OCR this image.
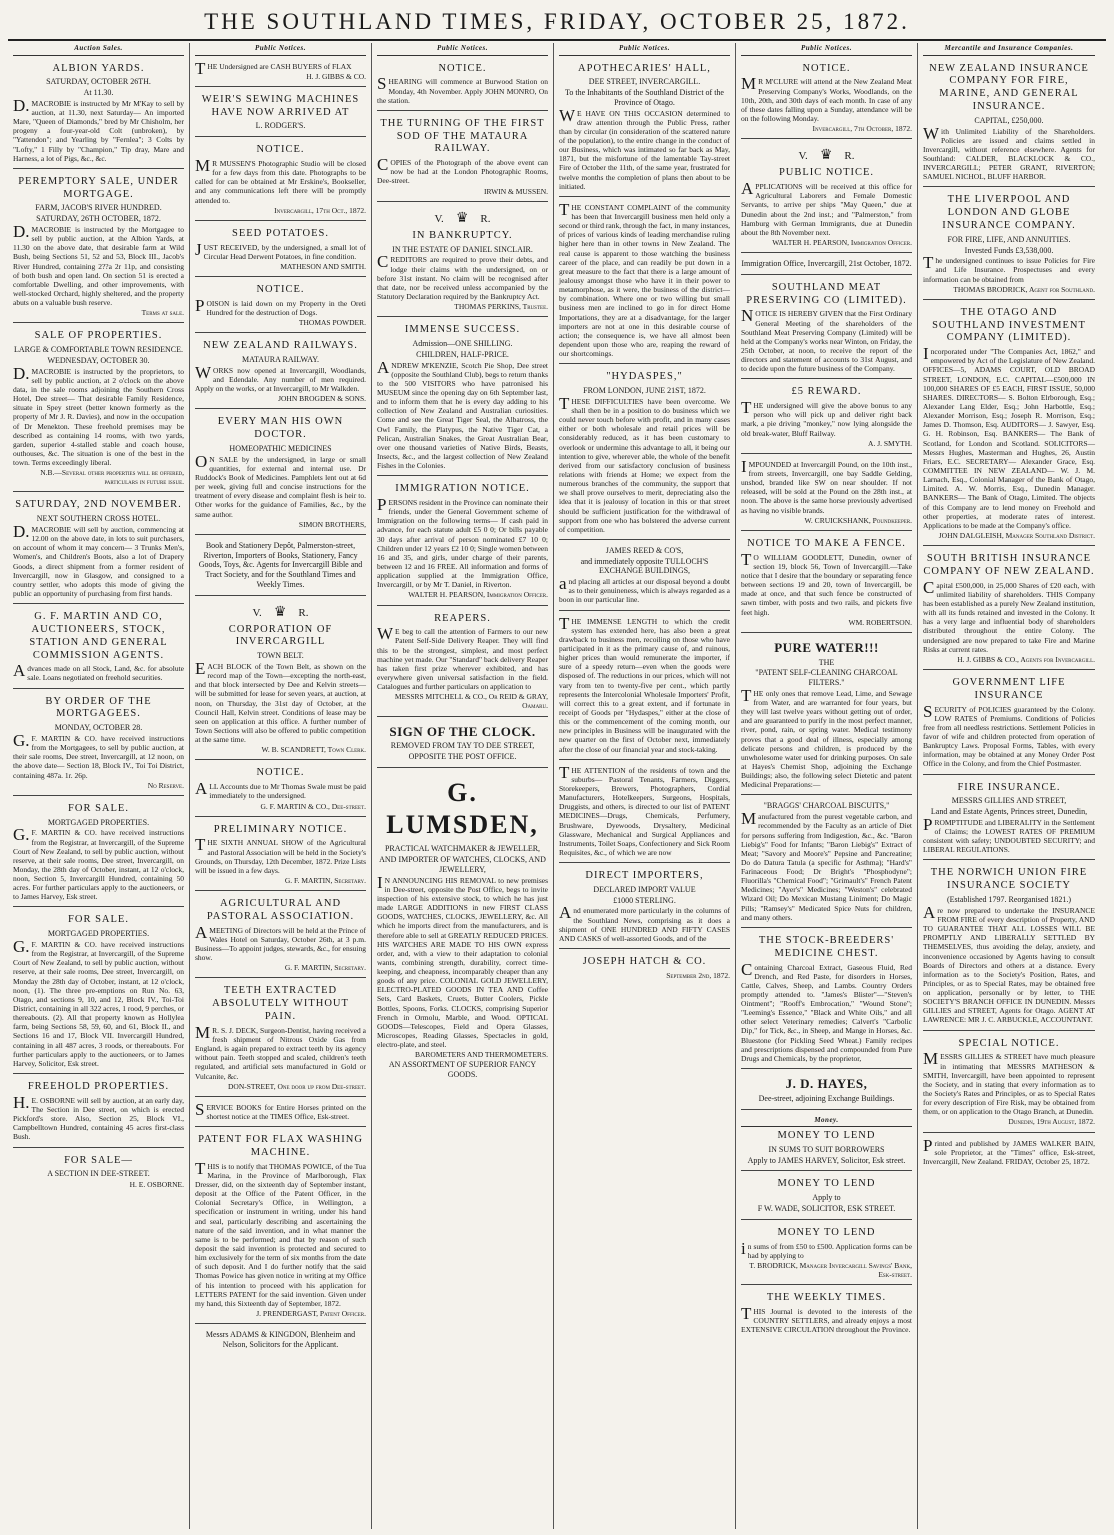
THE SOUTHLAND TIMES, FRIDAY, OCTOBER 25, 1872.
Auction Sales.
ALBION YARDS.
SATURDAY, OCTOBER 26TH.
At 11.30.
D.MACROBIE is instructed by Mr M'Kay to sell by auction, at 11.30, next Saturday— An imported Mare, "Queen of Diamonds," bred by Mr Chisholm, her progeny a four-year-old Colt (unbroken), by "Yattendon"; and Yearling by "Fernlea"; 3 Colts by "Lofty," 1 Filly by "Champion," Tip dray, Mare and Harness, a lot of Pigs, &c., &c.
PEREMPTORY SALE, UNDER MORTGAGE.
FARM, JACOB'S RIVER HUNDRED.
SATURDAY, 26TH OCTOBER, 1872.
D.MACROBIE is instructed by the Mortgagee to sell by public auction, at the Albion Yards, at 11.30 on the above date, that desirable farm at Wild Bush, being Sections 51, 52 and 53, Block III., Jacob's River Hundred, containing 2??a 2r 11p, and consisting of both bush and open land. On section 51 is erected a comfortable Dwelling, and other improvements, with well-stocked Orchard, highly sheltered, and the property abuts on a valuable bush reserve.
Terms at sale.
SALE OF PROPERTIES.
LARGE & COMFORTABLE TOWN RESIDENCE.
WEDNESDAY, OCTOBER 30.
D.MACROBIE is instructed by the proprietors, to sell by public auction, at 2 o'clock on the above data, in the sale rooms adjoining the Southern Cross Hotel, Dee street— That desirable Family Residence, situate in Spey street (better known formerly as the property of Mr J. R. Davies), and now in the occupation of Dr Menekton. These freehold premises may be described as containing 14 rooms, with two yards, garden, superior 4-stalled stable and coach house, outhouses, &c. The situation is one of the best in the town. Terms exceedingly liberal.
N.B.—Several other properties will be offered, particulars in future issue.
SATURDAY, 2ND NOVEMBER.
NEXT SOUTHERN CROSS HOTEL.
D.MACROBIE will sell by auction, commencing at 12.00 on the above date, in lots to suit purchasers, on account of whom it may concern— 3 Trunks Men's, Women's, and Children's Boots, also a lot of Drapery Goods, a direct shipment from a former resident of Invercargill, now in Glasgow, and consigned to a country settler, who adopts this mode of giving the public an opportunity of purchasing from first hands.
G. F. MARTIN AND CO, AUCTIONEERS, STOCK, STATION AND GENERAL COMMISSION AGENTS.
Advances made on all Stock, Land, &c. for absolute sale. Loans negotiated on freehold securities.
BY ORDER OF THE MORTGAGEES.
MONDAY, OCTOBER 28.
G.F. MARTIN & CO. have received instructions from the Mortgagees, to sell by public auction, at their sale rooms, Dee street, Invercargill, at 12 noon, on the above date— Section 18, Block IV., Toi Toi District, containing 487a. 1r. 26p.
No Reserve.
FOR SALE.
MORTGAGED PROPERTIES.
G.F. MARTIN & CO. have received instructions from the Registrar, at Invercargill, of the Supreme Court of New Zealand, to sell by public auction, without reserve, at their sale rooms, Dee street, Invercargill, on Monday, the 28th day of October, instant, at 12 o'clock, noon, Section 5, Invercargill Hundred, containing 50 acres. For further particulars apply to the auctioneers, or to James Harvey, Esk street.
FOR SALE.
MORTGAGED PROPERTIES.
G.F. MARTIN & CO. have received instructions from the Registrar, at Invercargill, of the Supreme Court of New Zealand, to sell by public auction, without reserve, at their sale rooms, Dee street, Invercargill, on Monday the 28th day of October, instant, at 12 o'clock, noon, (1). The three pre-emptions on Run No. 63, Otago, and sections 9, 10, and 12, Block IV., Toi-Toi District, containing in all 322 acres, 1 rood, 9 perches, or thereabouts. (2). All that property known as Hollylea farm, being Sections 58, 59, 60, and 61, Block II., and Sections 16 and 17, Block VII. Invercargill Hundred, containing in all 487 acres, 3 roods, or thereabouts. For further particulars apply to the auctioneers, or to James Harvey, Solicitor, Esk street.
FREEHOLD PROPERTIES.
H.E. OSBORNE will sell by auction, at an early day, The Section in Dee street, on which is erected Pickford's store. Also, Section 25, Block VI., Campbelltown Hundred, containing 45 acres first-class Bush.
FOR SALE—
A SECTION IN DEE-STREET.
H. E. OSBORNE.
Public Notices.
THE Undersigned are CASH BUYERS of FLAX
H. J. GIBBS & CO.
WEIR'S SEWING MACHINES HAVE NOW ARRIVED AT
L. RODGER'S.
NOTICE.
MR MUSSEN'S Photographic Studio will be closed for a few days from this date. Photographs to be called for can be obtained at Mr Erskine's, Bookseller, and any communications left there will be promptly attended to.
Invercargill, 17th Oct., 1872.
SEED POTATOES.
JUST RECEIVED, by the undersigned, a small lot of Circular Head Derwent Potatoes, in fine condition.
MATHESON AND SMITH.
NOTICE.
POISON is laid down on my Property in the Oreti Hundred for the destruction of Dogs.
THOMAS POWDER.
NEW ZEALAND RAILWAYS.
MATAURA RAILWAY.
WORKS now opened at Invercargill, Woodlands, and Edendale. Any number of men required. Apply on the works, or at Invercargill, to Mr Walkden.
JOHN BROGDEN & SONS.
EVERY MAN HIS OWN DOCTOR.
HOMEOPATHIC MEDICINES
ON SALE by the undersigned, in large or small quantities, for external and internal use. Dr Ruddock's Book of Medicines. Pamphlets lent out at 6d per week, giving full and concise instructions for the treatment of every disease and complaint flesh is heir to. Other works for the guidance of Families, &c., by the same author.
SIMON BROTHERS,
Book and Stationery Depôt, Palmerston-street, Riverton, Importers of Books, Stationery, Fancy Goods, Toys, &c. Agents for Invercargill Bible and Tract Society, and for the Southland Times and Weekly Times.
V. ♛ R.
CORPORATION OF INVERCARGILL
TOWN BELT.
EACH BLOCK of the Town Belt, as shown on the record map of the Town—excepting the north-east, and that block intersected by Dee and Kelvin streets—will be submitted for lease for seven years, at auction, at noon, on Thursday, the 31st day of October, at the Council Hall, Kelvin street. Conditions of lease may be seen on application at this office. A further number of Town Sections will also be offered to public competition at the same time.
W. B. SCANDRETT, Town Clerk.
NOTICE.
ALL Accounts due to Mr Thomas Swale must be paid immediately to the undersigned.
G. F. MARTIN & CO., Dee-street.
PRELIMINARY NOTICE.
THE SIXTH ANNUAL SHOW of the Agricultural and Pastoral Association will be held in the Society's Grounds, on Thursday, 12th December, 1872. Prize Lists will be issued in a few days.
G. F. MARTIN, Secretary.
AGRICULTURAL AND PASTORAL ASSOCIATION.
AMEETING of Directors will be held at the Prince of Wales Hotel on Saturday, October 26th, at 3 p.m. Business—To appoint judges, stewards, &c., for ensuing show.
G. F. MARTIN, Secretary.
TEETH EXTRACTED ABSOLUTELY WITHOUT PAIN.
MR. S. J. DECK, Surgeon-Dentist, having received a fresh shipment of Nitrous Oxide Gas from England, is again prepared to extract teeth by its agency without pain. Teeth stopped and scaled, children's teeth regulated, and artificial sets manufactured in Gold or Vulcanite, &c.
DON-STREET, One door up from Dee-street.
SERVICE BOOKS for Entire Horses printed on the shortest notice at the TIMES Office, Esk-street.
PATENT FOR FLAX WASHING MACHINE.
THIS is to notify that THOMAS POWICE, of the Tua Marina, in the Province of Marlborough, Flax Dresser, did, on the sixteenth day of September instant, deposit at the Office of the Patent Officer, in the Colonial Secretary's Office, in Wellington, a specification or instrument in writing, under his hand and seal, particularly describing and ascertaining the nature of the said invention, and in what manner the same is to be performed; and that by reason of such deposit the said invention is protected and secured to him exclusively for the term of six months from the date of such deposit. And I do further notify that the said Thomas Powice has given notice in writing at my Office of his intention to proceed with his application for LETTERS PATENT for the said invention. Given under my hand, this Sixteenth day of September, 1872.
J. PRENDERGAST, Patent Officer.
Messrs ADAMS & KINGDON, Blenheim and Nelson, Solicitors for the Applicant.
Public Notices.
NOTICE.
SHEARING will commence at Burwood Station on Monday, 4th November. Apply JOHN MONRO, On the station.
THE TURNING OF THE FIRST SOD OF THE MATAURA RAILWAY.
COPIES of the Photograph of the above event can now be had at the London Photographic Rooms, Dee-street.
IRWIN & MUSSEN.
V. ♛ R.
IN BANKRUPTCY.
IN THE ESTATE OF DANIEL SINCLAIR.
CREDITORS are required to prove their debts, and lodge their claims with the undersigned, on or before 31st instant. No claim will be recognised after that date, nor be received unless accompanied by the Statutory Declaration required by the Bankruptcy Act.
THOMAS PERKINS, Trustee.
IMMENSE SUCCESS.
Admission—ONE SHILLING.
CHILDREN, HALF-PRICE.
ANDREW M'KENZIE, Scotch Pie Shop, Dee street (opposite the Southland Club), begs to return thanks to the 500 VISITORS who have patronised his MUSEUM since the opening day on 6th September last, and to inform them that he is every day adding to his collection of New Zealand and Australian curiosities. Come and see the Great Tiger Seal, the Albatross, the Owl Family, the Platypus, the Native Tiger Cat, a Pelican, Australian Snakes, the Great Australian Bear, over one thousand varieties of Native Birds, Beasts, Insects, &c., and the largest collection of New Zealand Fishes in the Colonies.
IMMIGRATION NOTICE.
PERSONS resident in the Province can nominate their friends, under the General Government scheme of Immigration on the following terms— If cash paid in advance, for each statute adult £5 0 0; Or bills payable 30 days after arrival of person nominated £7 10 0; Children under 12 years £2 10 0; Single women between 16 and 35, and girls, under charge of their parents, between 12 and 16 FREE. All information and forms of application supplied at the Immigration Office, Invercargill, or by Mr T. Daniel, in Riverton.
WALTER H. PEARSON, Immigration Officer.
REAPERS.
WE beg to call the attention of Farmers to our new Patent Self-Side Delivery Reaper. They will find this to be the strongest, simplest, and most perfect machine yet made. Our "Standard" back delivery Reaper has taken first prize wherever exhibited, and has everywhere given universal satisfaction in the field. Catalogues and further particulars on application to
MESSRS MITCHELL & CO., Or REID & GRAY, Oamaru.
SIGN OF THE CLOCK.
REMOVED FROM TAY TO DEE STREET,
OPPOSITE THE POST OFFICE.
G. LUMSDEN,
PRACTICAL WATCHMAKER & JEWELLER,
AND IMPORTER OF WATCHES, CLOCKS, AND JEWELLERY,
IN ANNOUNCING HIS REMOVAL to new premises in Dee-street, opposite the Post Office, begs to invite inspection of his extensive stock, to which he has just made LARGE ADDITIONS in new FIRST CLASS GOODS, WATCHES, CLOCKS, JEWELLERY, &c. All which he imports direct from the manufacturers, and is therefore able to sell at GREATLY REDUCED PRICES. HIS WATCHES ARE MADE TO HIS OWN express order, and, with a view to their adaptation to colonial wants, combining strength, durability, correct time-keeping, and cheapness, incomparably cheaper than any goods of any price. COLONIAL GOLD JEWELLERY, ELECTRO-PLATED GOODS IN TEA AND Coffee Sets, Card Baskets, Cruets, Butter Coolers, Pickle Bottles, Spoons, Forks. CLOCKS, comprising Superior French in Ormolu, Marble, and Wood. OPTICAL GOODS—Telescopes, Field and Opera Glasses, Microscopes, Reading Glasses, Spectacles in gold, electro-plate, and steel.
BAROMETERS AND THERMOMETERS.
AN ASSORTMENT OF SUPERIOR FANCY GOODS.
Public Notices.
APOTHECARIES' HALL,
DEE STREET, INVERCARGILL.
To the Inhabitants of the Southland District of the Province of Otago.
WE HAVE ON THIS OCCASION determined to draw attention through the Public Press, rather than by circular (in consideration of the scattered nature of the population), to the entire change in the conduct of our Business, which was intimated so far back as May, 1871, but the misfortune of the lamentable Tay-street Fire of October the 11th, of the same year, frustrated for twelve months the completion of plans then about to be initiated.
THE CONSTANT COMPLAINT of the community has been that Invercargill business men held only a second or third rank, through the fact, in many instances, of prices of various kinds of leading merchandise ruling higher here than in other towns in New Zealand. The real cause is apparent to those watching the business career of the place, and can readily be put down in a great measure to the fact that there is a large amount of jealousy amongst those who have it in their power to metamorphose, as it were, the business of the district—by combination. Where one or two willing but small business men are inclined to go in for direct Home Importations, they are at a disadvantage, for the larger importers are not at one in this desirable course of action; the consequence is, we have all almost been dependent upon those who are, reaping the reward of our shortcomings.
"HYDASPES,"
FROM LONDON, JUNE 21ST, 1872.
THESE DIFFICULTIES have been overcome. We shall then be in a position to do business which we could never touch before with profit, and in many cases either or both wholesale and retail prices will be considerably reduced, as it has been customary to overlook or undermine this advantage to all, it being our intention to give, wherever able, the whole of the benefit derived from our satisfactory conclusion of business relations with friends at Home; we expect from the numerous branches of the community, the support that we shall prove ourselves to merit, depreciating also the idea that it is jealousy of location in this or that street should be sufficient justification for the withdrawal of support from one who has bolstered the adverse current of competition.
JAMES REED & CO'S,
and immediately opposite TULLOCH'S EXCHANGE BUILDINGS,
and placing all articles at our disposal beyond a doubt as to their genuineness, which is always regarded as a boon in our particular line.
THE IMMENSE LENGTH to which the credit system has extended here, has also been a great drawback to business men, recoiling on those who have participated in it as the primary cause of, and ruinous, higher prices than would remunerate the importer, if sure of a speedy return—even when the goods were disposed of. The reductions in our prices, which will not vary from ten to twenty-five per cent., which partly represents the Intercolonial Wholesale Importers' Profit, will correct this to a great extent, and if fortunate in receipt of Goods per "Hydaspes," either at the close of this or the commencement of the coming month, our new principles in Business will be inaugurated with the new quarter on the first of October next, immediately after the close of our financial year and stock-taking.
THE ATTENTION of the residents of town and the suburbs— Pastoral Tenants, Farmers, Diggers, Storekeepers, Brewers, Photographers, Cordial Manufacturers, Hotelkeepers, Surgeons, Hospitals, Druggists, and others, is directed to our list of PATENT MEDICINES—Drugs, Chemicals, Perfumery, Brushware, Dyewoods, Drysaltery, Medicinal Glassware, Mechanical and Surgical Appliances and Instruments, Toilet Soaps, Confectionery and Sick Room Requisites, &c., of which we are now
DIRECT IMPORTERS,
DECLARED IMPORT VALUE
£1000 STERLING.
And enumerated more particularly in the columns of the Southland News, comprising as it does a shipment of ONE HUNDRED AND FIFTY CASES AND CASKS of well-assorted Goods, and of the
JOSEPH HATCH & CO.
September 2nd, 1872.
Public Notices.
NOTICE.
MR M'CLURE will attend at the New Zealand Meat Preserving Company's Works, Woodlands, on the 10th, 20th, and 30th days of each month. In case of any of these dates falling upon a Sunday, attendance will be on the following Monday.
Invercargill, 7th October, 1872.
V. ♛ R.
PUBLIC NOTICE.
APPLICATIONS will be received at this office for Agricultural Laborers and Female Domestic Servants, to arrive per ships "May Queen," due at Dunedin about the 2nd inst.; and "Palmerston," from Hamburg with German Immigrants, due at Dunedin about the 8th November next.
WALTER H. PEARSON, Immigration Officer.
Immigration Office, Invercargill, 21st October, 1872.
SOUTHLAND MEAT PRESERVING CO (LIMITED).
NOTICE IS HEREBY GIVEN that the First Ordinary General Meeting of the shareholders of the Southland Meat Preserving Company (Limited) will be held at the Company's works near Winton, on Friday, the 25th October, at noon, to receive the report of the directors and statement of accounts to 31st August, and to decide upon the future business of the Company.
£5 REWARD.
THE undersigned will give the above bonus to any person who will pick up and deliver right back mark, a pie driving "monkey," now lying alongside the old break-water, Bluff Railway.
A. J. SMYTH.
IMPOUNDED at Invercargill Pound, on the 10th inst., from streets, Invercargill, one bay Saddle Gelding, unshod, branded like SW on near shoulder. If not released, will be sold at the Pound on the 28th inst., at noon. The above is the same horse previously advertised as having no visible brands.
W. CRUICKSHANK, Poundkeeper.
NOTICE TO MAKE A FENCE.
TO WILLIAM GOODLETT, Dunedin, owner of section 19, block 56, Town of Invercargill.—Take notice that I desire that the boundary or separating fence between sections 19 and 20, town of Invercargill, be made at once, and that such fence be constructed of sawn timber, with posts and two rails, and pickets five feet high.
WM. ROBERTSON.
PURE WATER!!!
THE
"PATENT SELF-CLEANING CHARCOAL FILTERS."
THE only ones that remove Lead, Lime, and Sewage from Water, and are warranted for four years, but they will last twelve years without getting out of order, and are guaranteed to purify in the most perfect manner, river, pond, rain, or spring water. Medical testimony proves that a good deal of illness, especially among delicate persons and children, is produced by the unwholesome water used for drinking purposes. On sale at Hayes's Chemist Shop, adjoining the Exchange Buildings; also, the following select Dietetic and patent Medicinal Preparations:—
"BRAGGS' CHARCOAL BISCUITS,"
Manufactured from the purest vegetable carbon, and recommended by the Faculty as an article of Diet for persons suffering from Indigestion, &c., &c. "Baron Liebig's" Food for Infants; "Baron Liebig's" Extract of Meat; "Savory and Moore's" Pepsine and Pancreatine; Do do Datura Tatula (a specific for Asthma); "Hard's" Farinaceous Food; Dr Bright's "Phosphodyne"; Fluorilla's "Chemical Food"; "Grimault's" French Patent Medicines; "Ayer's" Medicines; "Weston's" celebrated Wizard Oil; Do Mexican Mustang Liniment; Do Magic Pills; "Ramsey's" Medicated Spice Nuts for children, and many others.
THE STOCK-BREEDERS' MEDICINE CHEST.
Containing Charcoal Extract, Gaseous Fluid, Red Drench, and Red Paste, for disorders in Horses, Cattle, Calves, Sheep, and Lambs. Country Orders promptly attended to. "James's Blister"—"Steven's Ointment"; "Rooff's Embrocation," "Wound Stone"; "Leeming's Essence," "Black and White Oils," and all other select Veterinary remedies; Calvert's "Carbolic Dip," for Tick, &c., in Sheep, and Mange in Horses, &c. Bluestone (for Pickling Seed Wheat.) Family recipes and prescriptions dispensed and compounded from Pure Drugs and Chemicals, by the proprietor,
J. D. HAYES,
Dee-street, adjoining Exchange Buildings.
Money.
MONEY TO LEND
IN SUMS TO SUIT BORROWERS
Apply to JAMES HARVEY, Solicitor, Esk street.
MONEY TO LEND
Apply to
F W. WADE, SOLICITOR, ESK STREET.
MONEY TO LEND
in sums of from £50 to £500. Application forms can be had by applying to
T. BRODRICK, Manager Invercargill Savings' Bank, Esk-street.
THE WEEKLY TIMES.
THIS Journal is devoted to the interests of the COUNTRY SETTLERS, and already enjoys a most EXTENSIVE CIRCULATION throughout the Province.
Mercantile and Insurance Companies.
NEW ZEALAND INSURANCE COMPANY FOR FIRE, MARINE, AND GENERAL INSURANCE.
CAPITAL, £250,000.
With Unlimited Liability of the Shareholders. Policies are issued and claims settled in Invercargill, without reference elsewhere. Agents for Southland: CALDER, BLACKLOCK & CO., INVERCARGILL; PETER GRANT, RIVERTON; SAMUEL NICHOL, BLUFF HARBOR.
THE LIVERPOOL AND LONDON AND GLOBE INSURANCE COMPANY.
FOR FIRE, LIFE, AND ANNUITIES.
Invested Funds £3,538,000.
The undersigned continues to issue Policies for Fire and Life Insurance. Prospectuses and every information can be obtained from
THOMAS BRODRICK, Agent for Southland.
THE OTAGO AND SOUTHLAND INVESTMENT COMPANY (LIMITED).
Incorporated under "The Companies Act, 1862," and empowered by Act of the Legislature of New Zealand. OFFICES—5, ADAMS COURT, OLD BROAD STREET, LONDON, E.C. CAPITAL—£500,000 IN 100,000 SHARES OF £5 EACH, FIRST ISSUE, 50,000 SHARES. DIRECTORS— S. Bolton Elrborough, Esq.; Alexander Lang Elder, Esq.; John Harbottle, Esq.; Alexander Morrison, Esq.; Joseph R. Morrison, Esq.; James D. Thomson, Esq. AUDITORS— J. Sawyer, Esq. G. H. Robinson, Esq. BANKERS— The Bank of Scotland, for London and Scotland. SOLICITORS— Messrs Hughes, Masterman and Hughes, 26, Austin Friars, E.C. SECRETARY— Alexander Grace, Esq. COMMITTEE IN NEW ZEALAND— W. J. M. Larnach, Esq., Colonial Manager of the Bank of Otago, Limited. A. W. Morris, Esq., Dunedin Manager. BANKERS— The Bank of Otago, Limited. The objects of this Company are to lend money on Freehold and other properties, at moderate rates of interest. Applications to be made at the Company's office.
JOHN DALGLEISH, Manager Southland District.
SOUTH BRITISH INSURANCE COMPANY OF NEW ZEALAND.
Capital £500,000, in 25,000 Shares of £20 each, with unlimited liability of shareholders. THIS Company has been established as a purely New Zealand institution, with all its funds retained and invested in the Colony. It has a very large and influential body of shareholders distributed throughout the entire Colony. The undersigned are now prepared to take Fire and Marine Risks at current rates.
H. J. GIBBS & CO., Agents for Invercargill.
GOVERNMENT LIFE INSURANCE
SECURITY of POLICIES guaranteed by the Colony. LOW RATES of Premiums. Conditions of Policies free from all needless restrictions. Settlement Policies in favor of wife and children protected from operation of Bankruptcy Laws. Proposal Forms, Tables, with every information, may be obtained at any Money Order Post Office in the Colony, and from the Chief Postmaster.
FIRE INSURANCE.
MESSRS GILLIES AND STREET,
Land and Estate Agents, Princes street, Dunedin,
PROMPTITUDE and LIBERALITY in the Settlement of Claims; the LOWEST RATES OF PREMIUM consistent with safety; UNDOUBTED SECURITY; and LIBERAL REGULATIONS.
THE NORWICH UNION FIRE INSURANCE SOCIETY
(Established 1797. Reorganised 1821.)
Are now prepared to undertake the INSURANCE FROM FIRE of every description of Property, AND TO GUARANTEE THAT ALL LOSSES WILL BE PROMPTLY AND LIBERALLY SETTLED BY THEMSELVES, thus avoiding the delay, anxiety, and inconvenience occasioned by Agents having to consult Boards of Directors and others at a distance. Every information as to the Society's Position, Rates, and Principles, or as to Special Rates, may be obtained free on application, personally or by letter, to THE SOCIETY'S BRANCH OFFICE IN DUNEDIN. Messrs GILLIES and STREET, Agents for Otago. AGENT AT LAWRENCE: MR J. C. ARBUCKLE, ACCOUNTANT.
SPECIAL NOTICE.
MESSRS GILLIES & STREET have much pleasure in intimating that MESSRS MATHESON & SMITH, Invercargill, have been appointed to represent the Society, and in stating that every information as to the Society's Rates and Principles, or as to Special Rates for every description of Fire Risk, may be obtained from them, or on application to the Otago Branch, at Dunedin.
Dunedin, 19th August, 1872.
Printed and published by JAMES WALKER BAIN, sole Proprietor, at the "Times" office, Esk-street, Invercargill, New Zealand. FRIDAY, October 25, 1872.
